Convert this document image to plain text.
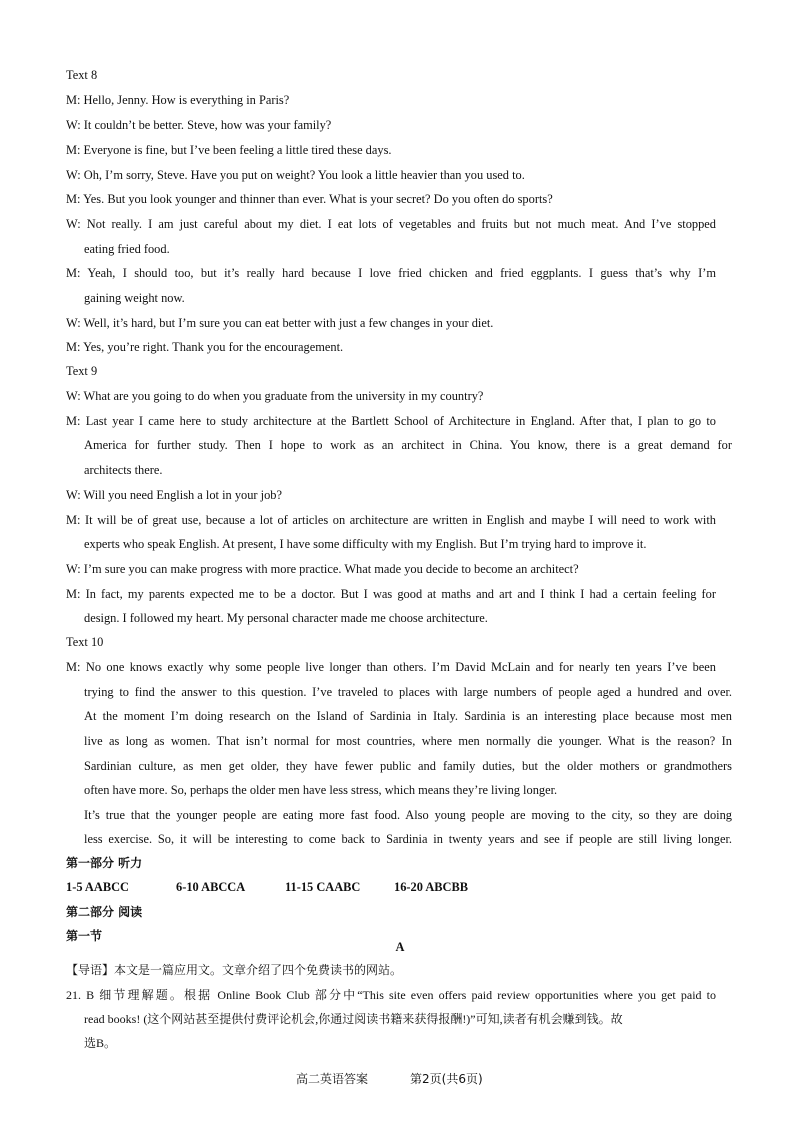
Text 8
M: Hello, Jenny. How is everything in Paris?
W: It couldn’t be better. Steve, how was your family?
M: Everyone is fine, but I’ve been feeling a little tired these days.
W: Oh, I’m sorry, Steve. Have you put on weight? You look a little heavier than you used to.
M: Yes. But you look younger and thinner than ever. What is your secret? Do you often do sports?
W: Not really. I am just careful about my diet. I eat lots of vegetables and fruits but not much meat. And I’ve stopped
eating fried food.
M: Yeah, I should too, but it’s really hard because I love fried chicken and fried eggplants. I guess that’s why I’m
gaining weight now.
W: Well, it’s hard, but I’m sure you can eat better with just a few changes in your diet.
M: Yes, you’re right. Thank you for the encouragement.
Text 9
W: What are you going to do when you graduate from the university in my country?
M: Last year I came here to study architecture at the Bartlett School of Architecture in England. After that, I plan to go to
America for further study. Then I hope to work as an architect in China. You know, there is a great demand for
architects there.
W: Will you need English a lot in your job?
M: It will be of great use, because a lot of articles on architecture are written in English and maybe I will need to work with
experts who speak English. At present, I have some difficulty with my English. But I’m trying hard to improve it.
W: I’m sure you can make progress with more practice. What made you decide to become an architect?
M: In fact, my parents expected me to be a doctor. But I was good at maths and art and I think I had a certain feeling for
design. I followed my heart. My personal character made me choose architecture.
Text 10
M: No one knows exactly why some people live longer than others. I’m David McLain and for nearly ten years I’ve been
trying to find the answer to this question. I’ve traveled to places with large numbers of people aged a hundred and over.
At the moment I’m doing research on the Island of Sardinia in Italy. Sardinia is an interesting place because most men
live as long as women. That isn’t normal for most countries, where men normally die younger. What is the reason? In
Sardinian culture, as men get older, they have fewer public and family duties, but the older mothers or grandmothers
often have more. So, perhaps the older men have less stress, which means they’re living longer.
It’s true that the younger people are eating more fast food. Also young people are moving to the city, so they are doing
less exercise. So, it will be interesting to come back to Sardinia in twenty years and see if people are still living longer.
第一部分 听力
1-5 AABCC	6-10 ABCCA	11-15 CAABC	16-20 ABCBB
第二部分 阅读
第一节
A
【导语】本文是一篇应用文。文章介绍了四个免费读书的网站。
21. B 细节理解题。根据 Online Book Club 部分中“This site even offers paid review opportunities where you get paid to
read books! (这个网站甚至提供付费评论机会,你通过阅读书籍来获得报酬!)”可知,读者有机会赚到钱。故
选B。
高二英语答案	第2页(共6页)
